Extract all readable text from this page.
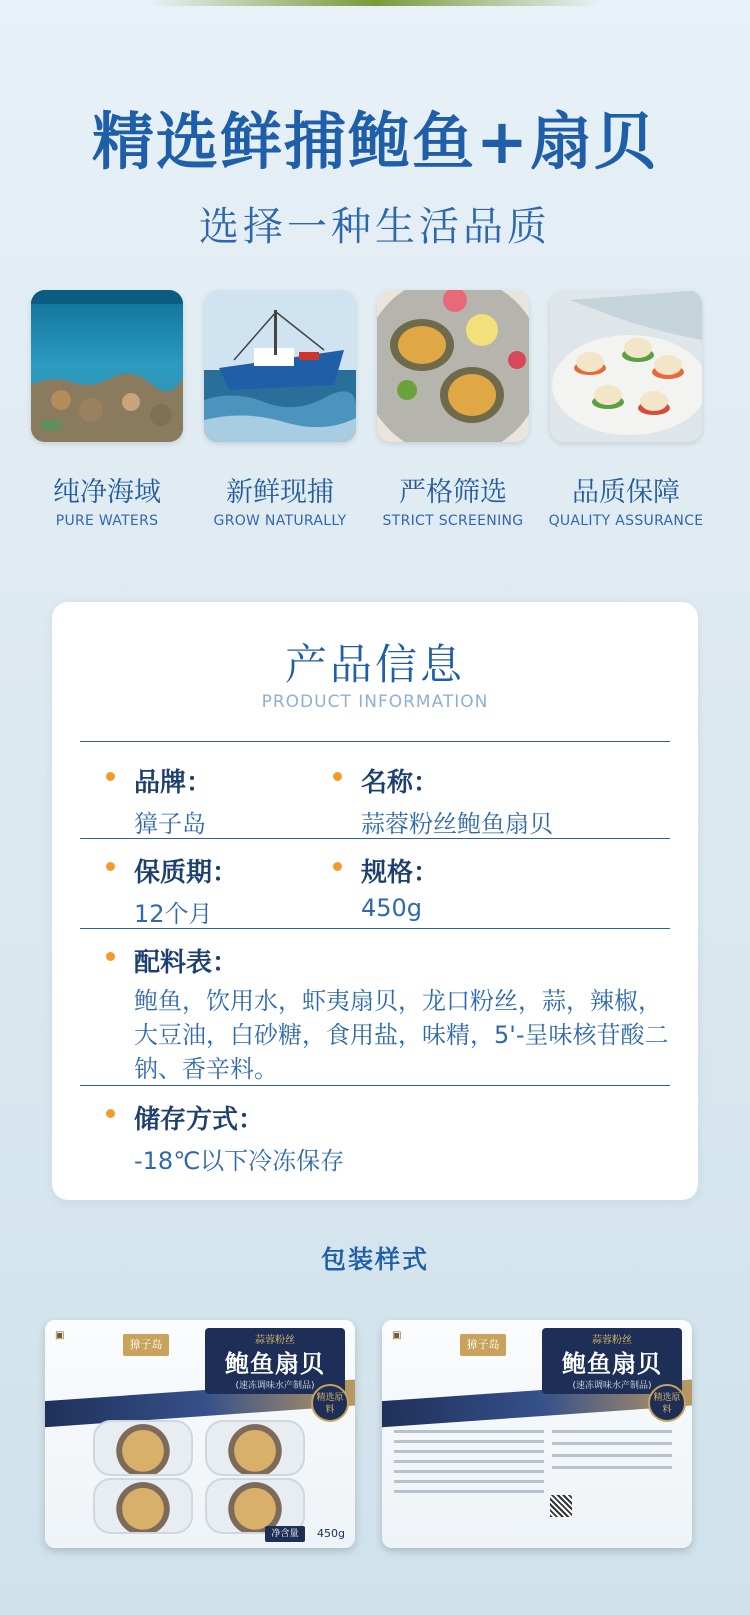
精选鲜捕鲍鱼+扇贝
选择一种生活品质
纯净海域
PURE WATERS
新鲜现捕
GROW NATURALLY
严格筛选
STRICT SCREENING
品质保障
QUALITY ASSURANCE
产品信息
PRODUCT INFORMATION
品牌：
獐子岛
名称：
蒜蓉粉丝鲍鱼扇贝
保质期：
12个月
规格：
450g
配料表：
鲍鱼，饮用水，虾夷扇贝，龙口粉丝，蒜，辣椒，大豆油，白砂糖，食用盐，味精，5'-呈味核苷酸二钠、香辛料。
储存方式：
-18℃以下冷冻保存
包装样式
▣
獐子岛	蒜蓉粉丝
鲍鱼扇贝
(速冻调味水产制品)
精选原料
净含量	450g
▣
獐子岛	蒜蓉粉丝
鲍鱼扇贝
(速冻调味水产制品)
精选原料
